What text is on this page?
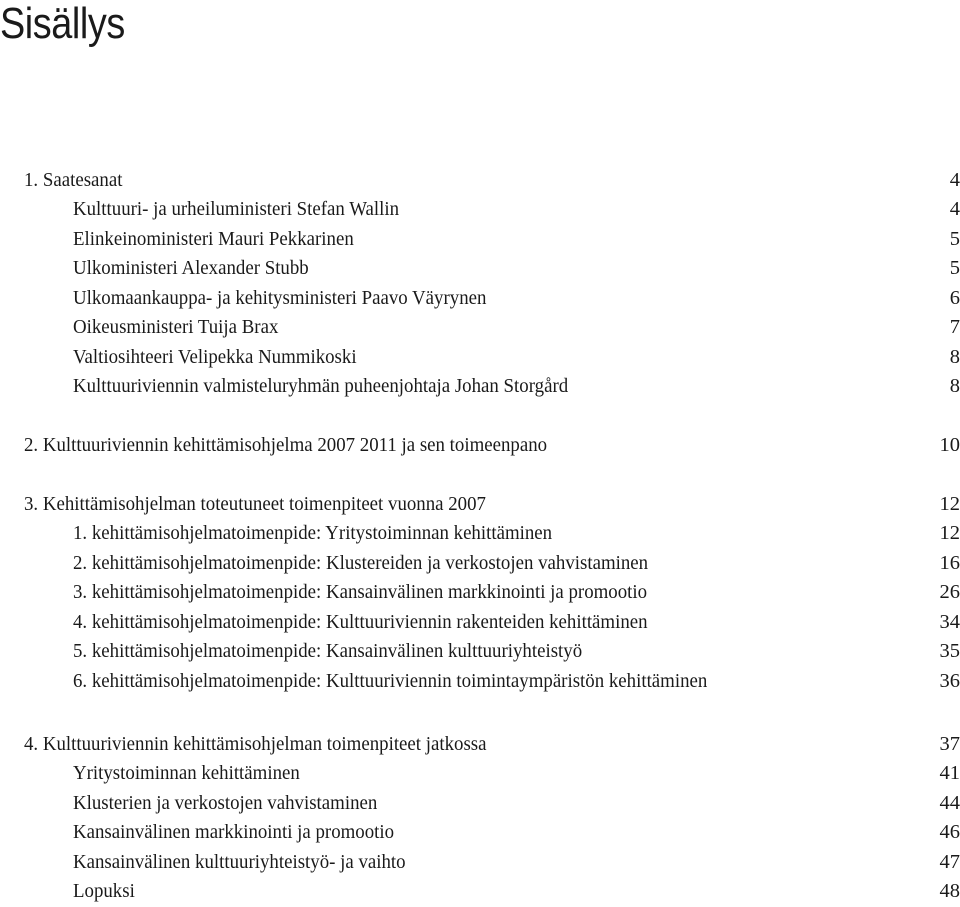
Sisällys
1. Saatesanat	4
Kulttuuri- ja urheiluministeri Stefan Wallin	4
Elinkeinoministeri Mauri Pekkarinen	5
Ulkoministeri Alexander Stubb	5
Ulkomaankauppa- ja kehitysministeri Paavo Väyrynen	6
Oikeusministeri Tuija Brax	7
Valtiosihteeri Velipekka Nummikoski	8
Kulttuuriviennin valmisteluryhmän puheenjohtaja Johan Storgård	8
2. Kulttuuriviennin kehittämisohjelma 2007 2011 ja sen toimeenpano	10
3. Kehittämisohjelman toteutuneet toimenpiteet vuonna 2007	12
1. kehittämisohjelmatoimenpide: Yritystoiminnan kehittäminen	12
2. kehittämisohjelmatoimenpide: Klustereiden ja verkostojen vahvistaminen	16
3. kehittämisohjelmatoimenpide: Kansainvälinen markkinointi ja promootio	26
4. kehittämisohjelmatoimenpide: Kulttuuriviennin rakenteiden kehittäminen	34
5. kehittämisohjelmatoimenpide: Kansainvälinen kulttuuriyhteistyö	35
6. kehittämisohjelmatoimenpide: Kulttuuriviennin toimintaympäristön kehittäminen	36
4. Kulttuuriviennin kehittämisohjelman toimenpiteet jatkossa	37
Yritystoiminnan kehittäminen	41
Klusterien ja verkostojen vahvistaminen	44
Kansainvälinen markkinointi ja promootio	46
Kansainvälinen kulttuuriyhteistyö- ja vaihto	47
Lopuksi	48
